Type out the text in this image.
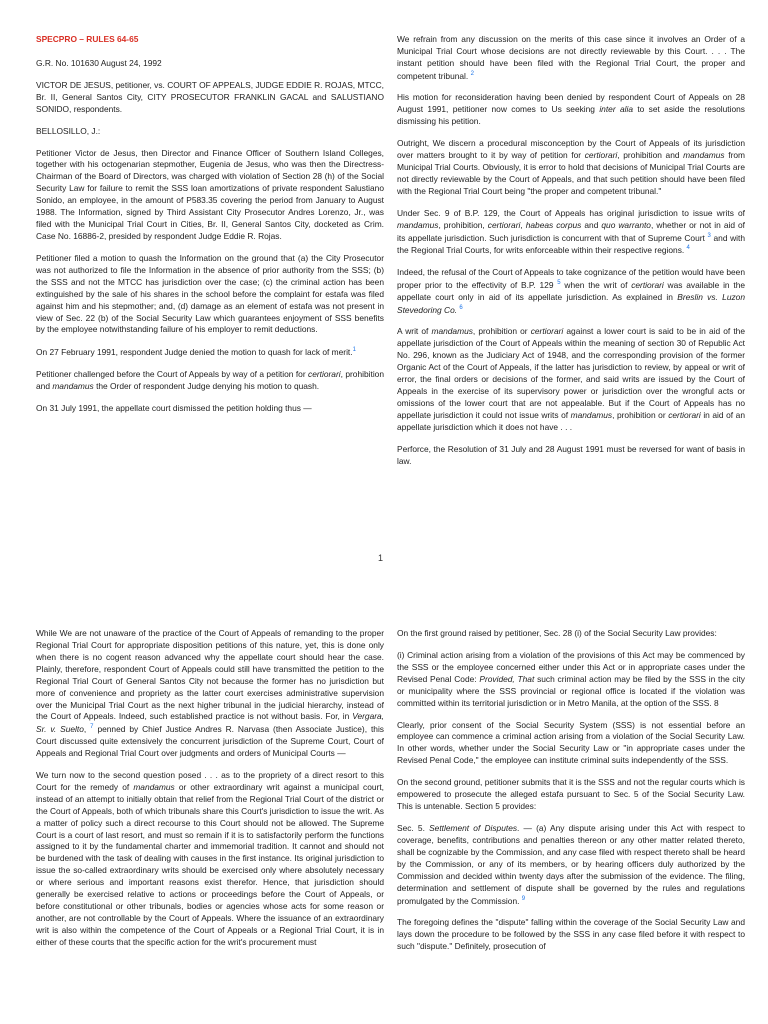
SPECPRO – RULES 64-65

G.R. No. 101630 August 24, 1992

VICTOR DE JESUS, petitioner, vs. COURT OF APPEALS, JUDGE EDDIE R. ROJAS, MTCC, Br. II, General Santos City, CITY PROSECUTOR FRANKLIN GACAL and SALUSTIANO SONIDO, respondents.

BELLOSILLO, J.:

Petitioner Victor de Jesus, then Director and Finance Officer of Southern Island Colleges, together with his octogenarian stepmother, Eugenia de Jesus, who was then the Directress-Chairman of the Board of Directors, was charged with violation of Section 28 (h) of the Social Security Law for failure to remit the SSS loan amortizations of private respondent Salustiano Sonido, an employee, in the amount of P583.35 covering the period from January to August 1988. The Information, signed by Third Assistant City Prosecutor Andres Lorenzo, Jr., was filed with the Municipal Trial Court in Cities, Br. II, General Santos City, docketed as Crim. Case No. 16886-2, presided by respondent Judge Eddie R. Rojas.

Petitioner filed a motion to quash the Information on the ground that (a) the City Prosecutor was not authorized to file the Information in the absence of prior authority from the SSS; (b) the SSS and not the MTCC has jurisdiction over the case; (c) the criminal action has been extinguished by the sale of his shares in the school before the complaint for estafa was filed against him and his stepmother; and, (d) damage as an element of estafa was not present in view of Sec. 22 (b) of the Social Security Law which guarantees enjoyment of SSS benefits by the employee notwithstanding failure of his employer to remit deductions.

On 27 February 1991, respondent Judge denied the motion to quash for lack of merit.$^1$

Petitioner challenged before the Court of Appeals by way of a petition for certiorari, prohibition and mandamus the Order of respondent Judge denying his motion to quash.

On 31 July 1991, the appellate court dismissed the petition holding thus —

We refrain from any discussion on the merits of this case since it involves an Order of a Municipal Trial Court whose decisions are not directly reviewable by this Court. . . . The instant petition should have been filed with the Regional Trial Court, the proper and competent tribunal. $^2$

His motion for reconsideration having been denied by respondent Court of Appeals on 28 August 1991, petitioner now comes to Us seeking inter alia to set aside the resolutions dismissing his petition.

Outright, We discern a procedural misconception by the Court of Appeals of its jurisdiction over matters brought to it by way of petition for certiorari, prohibition and mandamus from Municipal Trial Courts. Obviously, it is error to hold that decisions of Municipal Trial Courts are not directly reviewable by the Court of Appeals, and that such petition should have been filed with the Regional Trial Court being "the proper and competent tribunal."

Under Sec. 9 of B.P. 129, the Court of Appeals has original jurisdiction to issue writs of mandamus, prohibition, certiorari, habeas corpus and quo warranto, whether or not in aid of its appellate jurisdiction. Such jurisdiction is concurrent with that of Supreme Court $^3$ and with the Regional Trial Courts, for writs enforceable within their respective regions. $^4$

Indeed, the refusal of the Court of Appeals to take cognizance of the petition would have been proper prior to the effectivity of B.P. 129 $^5$ when the writ of certiorari was available in the appellate court only in aid of its appellate jurisdiction. As explained in Breslin vs. Luzon Stevedoring Co. $^6$

A writ of mandamus, prohibition or certiorari against a lower court is said to be in aid of the appellate jurisdiction of the Court of Appeals within the meaning of section 30 of Republic Act No. 296, known as the Judiciary Act of 1948, and the corresponding provision of the former Organic Act of the Court of Appeals, if the latter has jurisdiction to review, by appeal or writ of error, the final orders or decisions of the former, and said writs are issued by the Court of Appeals in the exercise of its supervisory power or jurisdiction over the wrongful acts or omissions of the lower court that are not appealable. But if the Court of Appeals has no appellate jurisdiction it could not issue writs of mandamus, prohibition or certiorari in aid of an appellate jurisdiction which it does not have . . .

Perforce, the Resolution of 31 July and 28 August 1991 must be reversed for want of basis in law.

1

While We are not unaware of the practice of the Court of Appeals of remanding to the proper Regional Trial Court for appropriate disposition petitions of this nature, yet, this is done only when there is no cogent reason advanced why the appellate court should hear the case. Plainly, therefore, respondent Court of Appeals could still have transmitted the petition to the Regional Trial Court of General Santos City not because the former has no jurisdiction but more of convenience and propriety as the latter court exercises administrative supervision over the Municipal Trial Court as the next higher tribunal in the judicial hierarchy, instead of the Court of Appeals. Indeed, such established practice is not without basis. For, in Vergara, Sr. v. Suelto, $^7$ penned by Chief Justice Andres R. Narvasa (then Associate Justice), this Court discussed quite extensively the concurrent jurisdiction of the Supreme Court, Court of Appeals and Regional Trial Court over judgments and orders of Municipal Courts —

We turn now to the second question posed . . . as to the propriety of a direct resort to this Court for the remedy of mandamus or other extraordinary writ against a municipal court, instead of an attempt to initially obtain that relief from the Regional Trial Court of the district or the Court of Appeals, both of which tribunals share this Court's jurisdiction to issue the writ. As a matter of policy such a direct recourse to this Court should not be allowed. The Supreme Court is a court of last resort, and must so remain if it is to satisfactorily perform the functions assigned to it by the fundamental charter and immemorial tradition. It cannot and should not be burdened with the task of dealing with causes in the first instance. Its original jurisdiction to issue the so-called extraordinary writs should be exercised only where absolutely necessary or where serious and important reasons exist therefor. Hence, that jurisdiction should generally be exercised relative to actions or proceedings before the Court of Appeals, or before constitutional or other tribunals, bodies or agencies whose acts for some reason or another, are not controllable by the Court of Appeals. Where the issuance of an extraordinary writ is also within the competence of the Court of Appeals or a Regional Trial Court, it is in either of these courts that the specific action for the writ's procurement must

On the first ground raised by petitioner, Sec. 28 (i) of the Social Security Law provides:

(i) Criminal action arising from a violation of the provisions of this Act may be commenced by the SSS or the employee concerned either under this Act or in appropriate cases under the Revised Penal Code: Provided, That such criminal action may be filed by the SSS in the city or municipality where the SSS provincial or regional office is located if the violation was committed within its territorial jurisdiction or in Metro Manila, at the option of the SSS. 8

Clearly, prior consent of the Social Security System (SSS) is not essential before an employee can commence a criminal action arising from a violation of the Social Security Law. In other words, whether under the Social Security Law or "in appropriate cases under the Revised Penal Code," the employee can institute criminal suits independently of the SSS.

On the second ground, petitioner submits that it is the SSS and not the regular courts which is empowered to prosecute the alleged estafa pursuant to Sec. 5 of the Social Security Law. This is untenable. Section 5 provides:

Sec. 5. Settlement of Disputes. — (a) Any dispute arising under this Act with respect to coverage, benefits, contributions and penalties thereon or any other matter related thereto, shall be cognizable by the Commission, and any case filed with respect thereto shall be heard by the Commission, or any of its members, or by hearing officers duly authorized by the Commission and decided within twenty days after the submission of the evidence. The filing, determination and settlement of dispute shall be governed by the rules and regulations promulgated by the Commission. $^9$

The foregoing defines the "dispute" falling within the coverage of the Social Security Law and lays down the procedure to be followed by the SSS in any case filed before it with respect to such "dispute." Definitely, prosecution of
